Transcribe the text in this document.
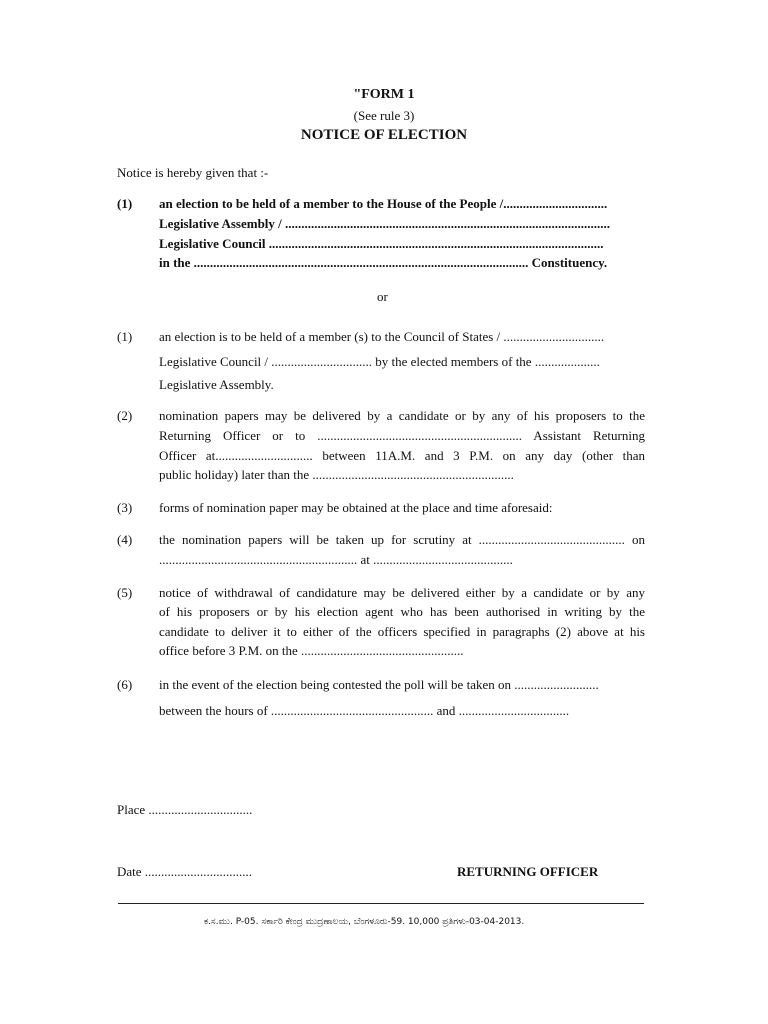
"FORM 1
(See rule 3)
NOTICE OF ELECTION
Notice is hereby given that :-
(1) an election to be held of a member to the House of the People /................................
Legislative Assembly / ....................................................................................................
Legislative Council .......................................................................................................
in the ....................................................................................................... Constituency.
or
(1) an election is to be held of a member (s) to the Council of States / ...............................
Legislative Council / ............................... by the elected members of the ....................
Legislative Assembly.
(2) nomination papers may be delivered by a candidate or by any of his proposers to the
Returning Officer or to ............................................................... Assistant Returning
Officer at.............................. between 11A.M. and 3 P.M. on any day (other than
public holiday) later than the ..............................................................
(3) forms of nomination paper may be obtained at the place and time aforesaid:
(4) the nomination papers will be taken up for scrutiny at ............................................. on
............................................................. at ...........................................
(5) notice of withdrawal of candidature may be delivered either by a candidate or by any
of his proposers or by his election agent who has been authorised in writing by the
candidate to deliver it to either of the officers specified in paragraphs (2) above at his
office before 3 P.M. on the ..................................................
(6) in the event of the election being contested the poll will be taken on ..........................
between the hours of .................................................. and ..................................
Place ................................
Date .................................	RETURNING OFFICER
ಕ.ಸ.ಮು. P-05. ಸರ್ಕಾರಿ ಕೇಂದ್ರ ಮುದ್ರಣಾಲಯ, ಬೆಂಗಳೂರು-59. 10,000 ಪ್ರತಿಗಳು-03-04-2013.
